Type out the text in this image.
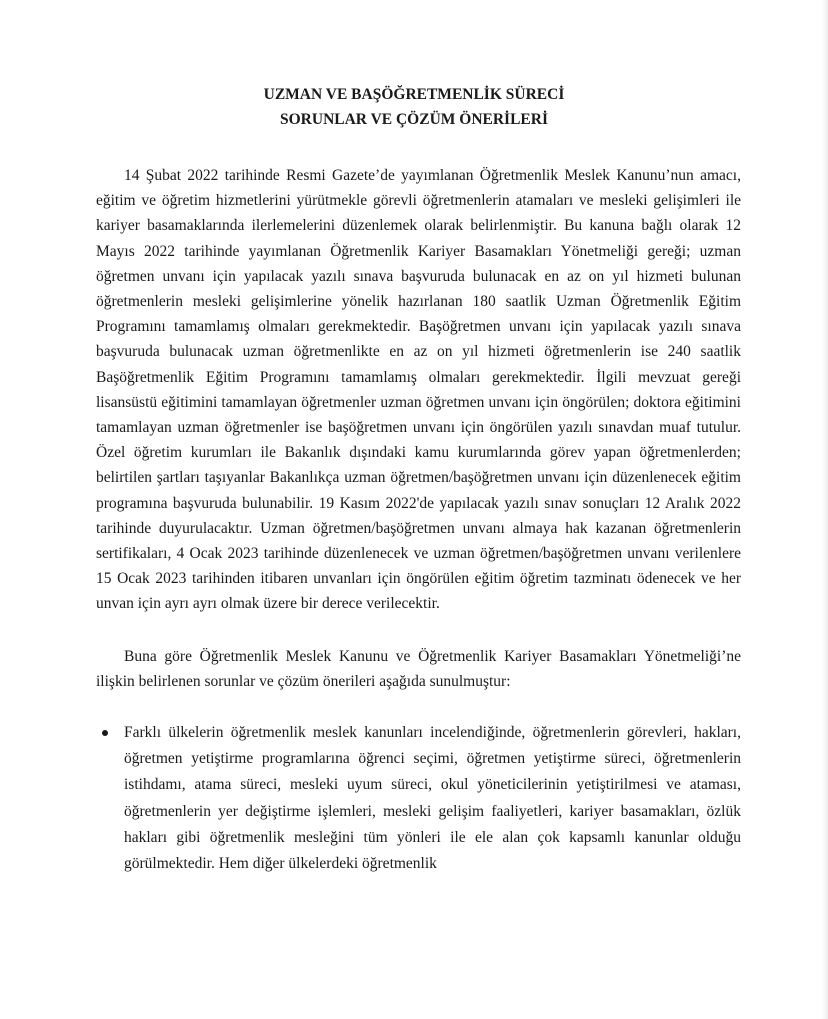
UZMAN VE BAŞÖĞRETMENLİK SÜRECİ
SORUNLAR VE ÇÖZÜM ÖNERİLERİ

14 Şubat 2022 tarihinde Resmi Gazete’de yayımlanan Öğretmenlik Meslek Kanunu’nun amacı, eğitim ve öğretim hizmetlerini yürütmekle görevli öğretmenlerin atamaları ve mesleki gelişimleri ile kariyer basamaklarında ilerlemelerini düzenlemek olarak belirlenmiştir. Bu kanuna bağlı olarak 12 Mayıs 2022 tarihinde yayımlanan Öğretmenlik Kariyer Basamakları Yönetmeliği gereği; uzman öğretmen unvanı için yapılacak yazılı sınava başvuruda bulunacak en az on yıl hizmeti bulunan öğretmenlerin mesleki gelişimlerine yönelik hazırlanan 180 saatlik Uzman Öğretmenlik Eğitim Programını tamamlamış olmaları gerekmektedir. Başöğretmen unvanı için yapılacak yazılı sınava başvuruda bulunacak uzman öğretmenlikte en az on yıl hizmeti öğretmenlerin ise 240 saatlik Başöğretmenlik Eğitim Programını tamamlamış olmaları gerekmektedir. İlgili mevzuat gereği lisansüstü eğitimini tamamlayan öğretmenler uzman öğretmen unvanı için öngörülen; doktora eğitimini tamamlayan uzman öğretmenler ise başöğretmen unvanı için öngörülen yazılı sınavdan muaf tutulur. Özel öğretim kurumları ile Bakanlık dışındaki kamu kurumlarında görev yapan öğretmenlerden; belirtilen şartları taşıyanlar Bakanlıkça uzman öğretmen/başöğretmen unvanı için düzenlenecek eğitim programına başvuruda bulunabilir. 19 Kasım 2022'de yapılacak yazılı sınav sonuçları 12 Aralık 2022 tarihinde duyurulacaktır. Uzman öğretmen/başöğretmen unvanı almaya hak kazanan öğretmenlerin sertifikaları, 4 Ocak 2023 tarihinde düzenlenecek ve uzman öğretmen/başöğretmen unvanı verilenlere 15 Ocak 2023 tarihinden itibaren unvanları için öngörülen eğitim öğretim tazminatı ödenecek ve her unvan için ayrı ayrı olmak üzere bir derece verilecektir.

Buna göre Öğretmenlik Meslek Kanunu ve Öğretmenlik Kariyer Basamakları Yönetmeliği’ne ilişkin belirlenen sorunlar ve çözüm önerileri aşağıda sunulmuştur:

Farklı ülkelerin öğretmenlik meslek kanunları incelendiğinde, öğretmenlerin görevleri, hakları, öğretmen yetiştirme programlarına öğrenci seçimi, öğretmen yetiştirme süreci, öğretmenlerin istihdamı, atama süreci, mesleki uyum süreci, okul yöneticilerinin yetiştirilmesi ve ataması, öğretmenlerin yer değiştirme işlemleri, mesleki gelişim faaliyetleri, kariyer basamakları, özlük hakları gibi öğretmenlik mesleğini tüm yönleri ile ele alan çok kapsamlı kanunlar olduğu görülmektedir. Hem diğer ülkelerdeki öğretmenlik
